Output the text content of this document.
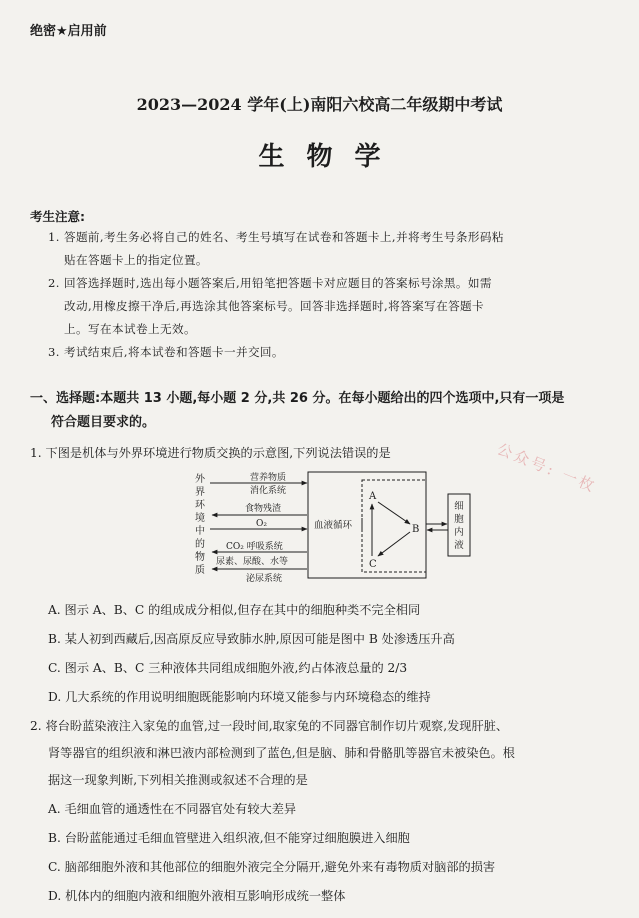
绝密★启用前
2023—2024 学年(上)南阳六校高二年级期中考试
生物学
考生注意:
1. 答题前,考生务必将自己的姓名、考生号填写在试卷和答题卡上,并将考生号条形码粘
贴在答题卡上的指定位置。
2. 回答选择题时,选出每小题答案后,用铅笔把答题卡对应题目的答案标号涂黑。如需
改动,用橡皮擦干净后,再选涂其他答案标号。回答非选择题时,将答案写在答题卡
上。写在本试卷上无效。
3. 考试结束后,将本试卷和答题卡一并交回。
一、选择题:本题共 13 小题,每小题 2 分,共 26 分。在每小题给出的四个选项中,只有一项是
符合题目要求的。
公众号: 一枚
1. 下图是机体与外界环境进行物质交换的示意图,下列说法错误的是
外
界
环
境
中
的
物
质
营养物质
消化系统
食物残渣
O₂
CO₂ 呼吸系统
尿素、尿酸、水等
泌尿系统
血液循环
A
B
C
细
胞
内
液
A. 图示 A、B、C 的组成成分相似,但存在其中的细胞种类不完全相同
B. 某人初到西藏后,因高原反应导致肺水肿,原因可能是图中 B 处渗透压升高
C. 图示 A、B、C 三种液体共同组成细胞外液,约占体液总量的 2/3
D. 几大系统的作用说明细胞既能影响内环境又能参与内环境稳态的维持
2. 将台盼蓝染液注入家兔的血管,过一段时间,取家兔的不同器官制作切片观察,发现肝脏、
肾等器官的组织液和淋巴液内部检测到了蓝色,但是脑、肺和骨骼肌等器官未被染色。根
据这一现象判断,下列相关推测或叙述不合理的是
A. 毛细血管的通透性在不同器官处有较大差异
B. 台盼蓝能通过毛细血管壁进入组织液,但不能穿过细胞膜进入细胞
C. 脑部细胞外液和其他部位的细胞外液完全分隔开,避免外来有毒物质对脑部的损害
D. 机体内的细胞内液和细胞外液相互影响形成统一整体
